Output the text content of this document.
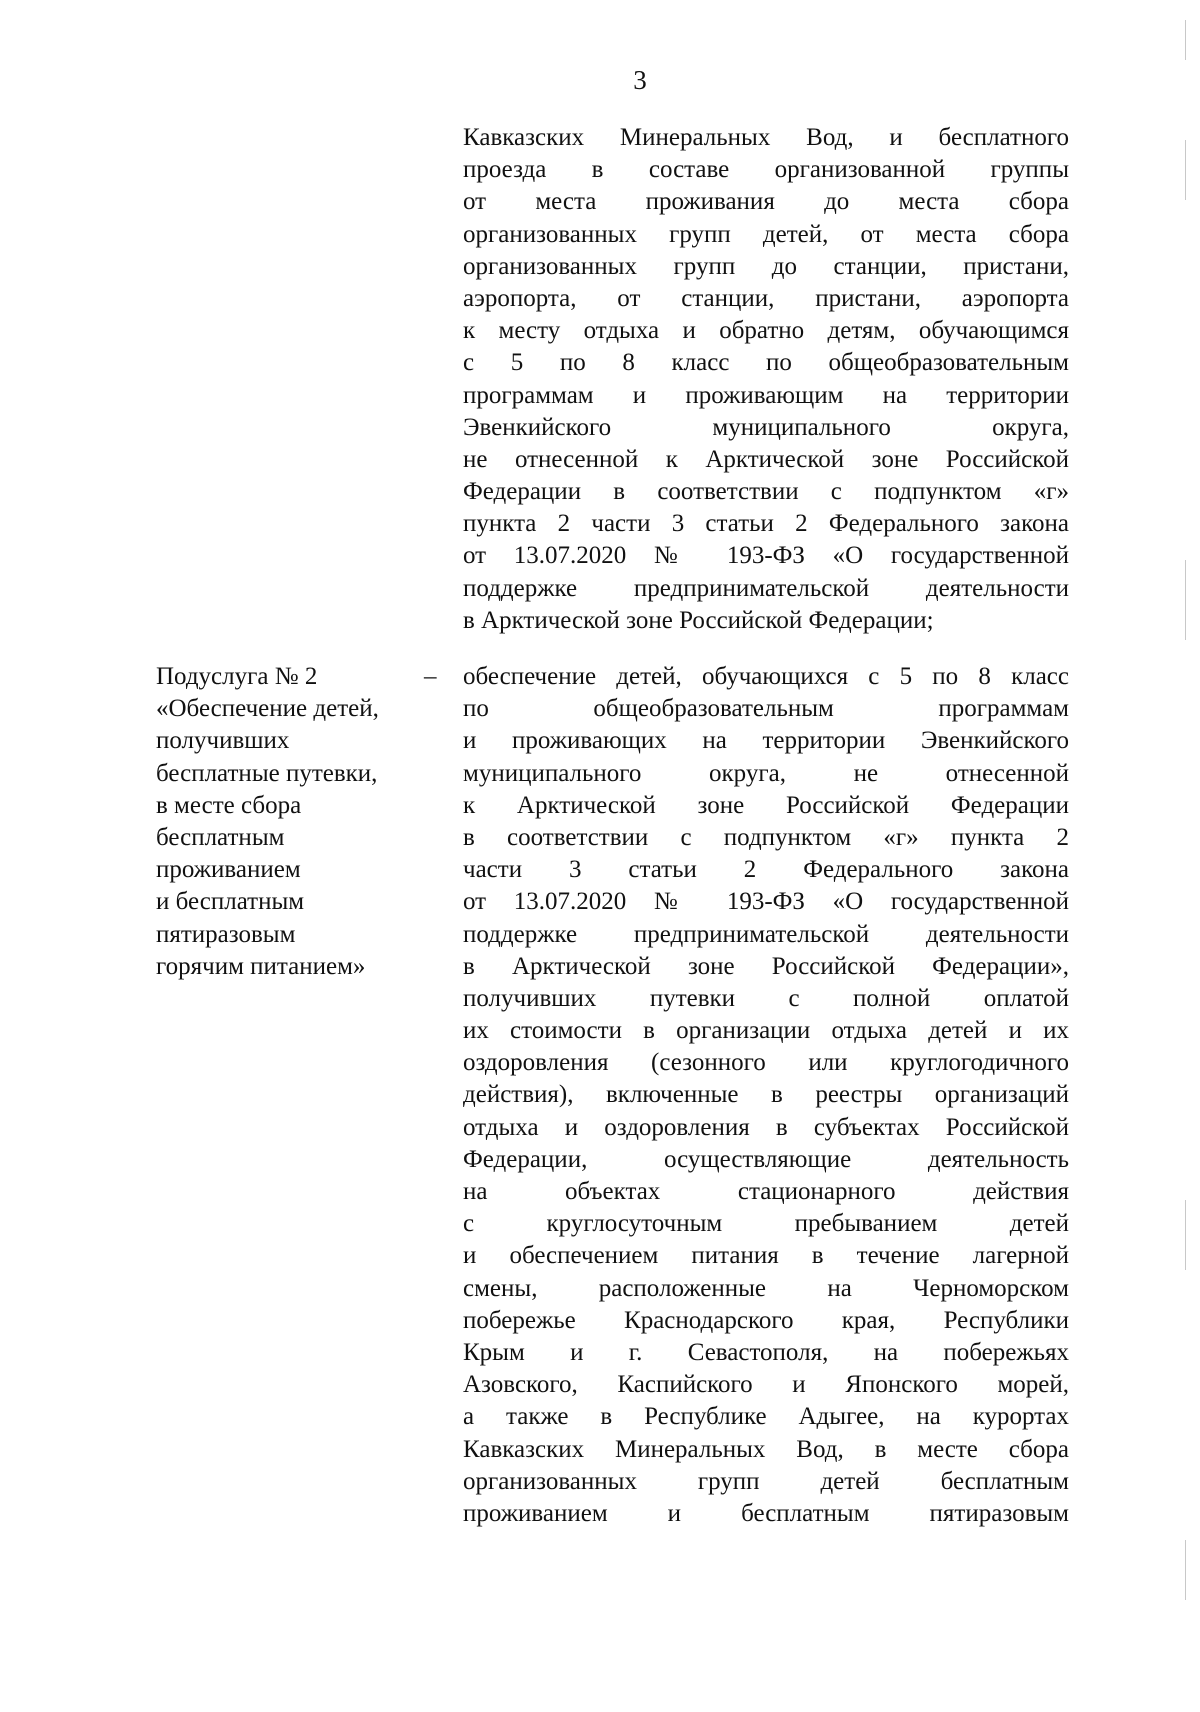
3
Кавказских Минеральных Вод, и бесплатного
проезда в составе организованной группы
от места проживания до места сбора
организованных групп детей, от места сбора
организованных групп до станции, пристани,
аэропорта, от станции, пристани, аэропорта
к месту отдыха и обратно детям, обучающимся
с 5 по 8 класс по общеобразовательным
программам и проживающим на территории
Эвенкийского муниципального округа,
не отнесенной к Арктической зоне Российской
Федерации в соответствии с подпунктом «г»
пункта 2 части 3 статьи 2 Федерального закона
от 13.07.2020 № 193-ФЗ «О государственной
поддержке предпринимательской деятельности
в Арктической зоне Российской Федерации;
Подуслуга № 2
«Обеспечение детей,
получивших
бесплатные путевки,
в месте сбора
бесплатным
проживанием
и бесплатным
пятиразовым
горячим питанием»
– обеспечение детей, обучающихся с 5 по 8 класс
по общеобразовательным программам
и проживающих на территории Эвенкийского
муниципального округа, не отнесенной
к Арктической зоне Российской Федерации
в соответствии с подпунктом «г» пункта 2
части 3 статьи 2 Федерального закона
от 13.07.2020 № 193-ФЗ «О государственной
поддержке предпринимательской деятельности
в Арктической зоне Российской Федерации»,
получивших путевки с полной оплатой
их стоимости в организации отдыха детей и их
оздоровления (сезонного или круглогодичного
действия), включенные в реестры организаций
отдыха и оздоровления в субъектах Российской
Федерации, осуществляющие деятельность
на объектах стационарного действия
с круглосуточным пребыванием детей
и обеспечением питания в течение лагерной
смены, расположенные на Черноморском
побережье Краснодарского края, Республики
Крым и г. Севастополя, на побережьях
Азовского, Каспийского и Японского морей,
а также в Республике Адыгее, на курортах
Кавказских Минеральных Вод, в месте сбора
организованных групп детей бесплатным
проживанием и бесплатным пятиразовым
